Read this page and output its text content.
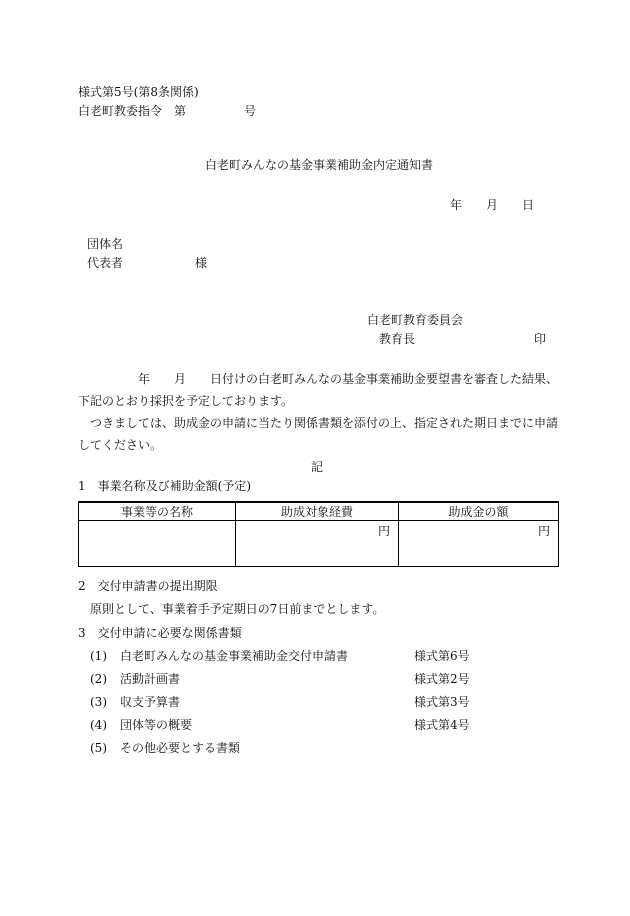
様式第5号(第8条関係)
白老町教委指令 第	号
白老町みんなの基金事業補助金内定通知書
年 月 日
団体名
代表者	様
白老町教育委員会
教育長	印
年 月 日付けの白老町みんなの基金事業補助金要望書を審査した結果、
下記のとおり採択を予定しております。
つきましては、助成金の申請に当たり関係書類を添付の上、指定された期日までに申請
してください。
記
1　事業名称及び補助金額(予定)
事業等の名称	助成対象経費	助成金の額
	円	円
2　交付申請書の提出期限
原則として、事業着手予定期日の7日前までとします。
3　交付申請に必要な関係書類
(1) 白老町みんなの基金事業補助金交付申請書	様式第6号
(2) 活動計画書	様式第2号
(3) 収支予算書	様式第3号
(4) 団体等の概要	様式第4号
(5) その他必要とする書類
